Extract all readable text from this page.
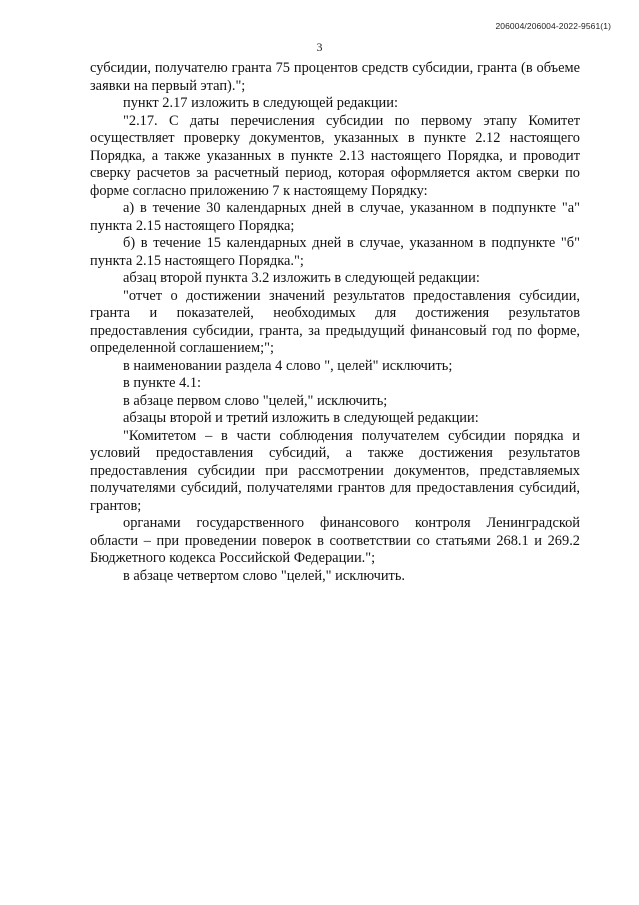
206004/206004-2022-9561(1)
3

субсидии, получателю гранта 75 процентов средств субсидии, гранта (в объеме заявки на первый этап).";

пункт 2.17 изложить в следующей редакции:

"2.17. С даты перечисления субсидии по первому этапу Комитет осуществляет проверку документов, указанных в пункте 2.12 настоящего Порядка, а также указанных в пункте 2.13 настоящего Порядка, и проводит сверку расчетов за расчетный период, которая оформляется актом сверки по форме согласно приложению 7 к настоящему Порядку:

а) в течение 30 календарных дней в случае, указанном в подпункте "а" пункта 2.15 настоящего Порядка;

б) в течение 15 календарных дней в случае, указанном в подпункте "б" пункта 2.15 настоящего Порядка.";

абзац второй пункта 3.2 изложить в следующей редакции:

"отчет о достижении значений результатов предоставления субсидии, гранта и показателей, необходимых для достижения результатов предоставления субсидии, гранта, за предыдущий финансовый год по форме, определенной соглашением;";

в наименовании раздела 4 слово ", целей" исключить;

в пункте 4.1:

в абзаце первом слово "целей," исключить;

абзацы второй и третий изложить в следующей редакции:

"Комитетом – в части соблюдения получателем субсидии порядка и условий предоставления субсидий, а также достижения результатов предоставления субсидии при рассмотрении документов, представляемых получателями субсидий, получателями грантов для предоставления субсидий, грантов;

органами государственного финансового контроля Ленинградской области – при проведении поверок в соответствии со статьями 268.1 и 269.2 Бюджетного кодекса Российской Федерации.";

в абзаце четвертом слово "целей," исключить.
